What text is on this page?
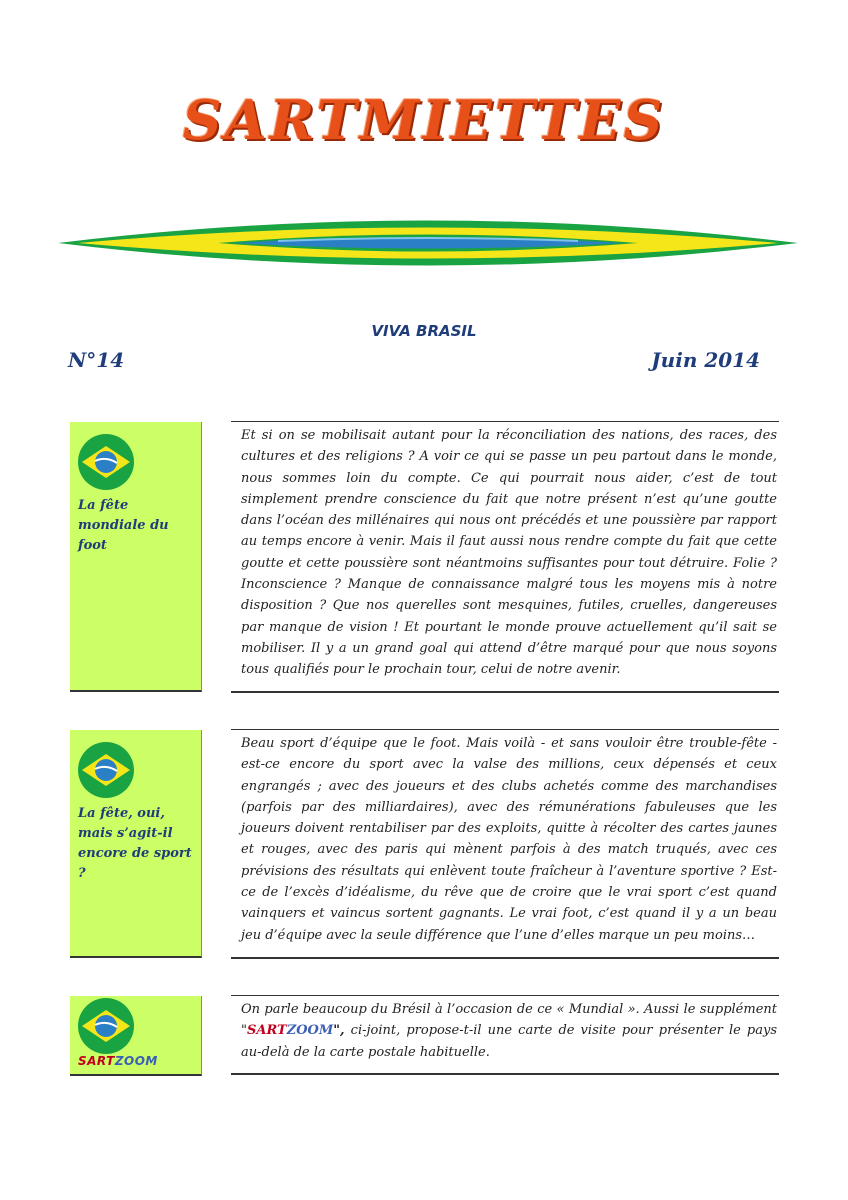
SARTMIETTES
VIVA BRASIL
N°14	Juin 2014
La fête mondiale du foot
Et si on se mobilisait autant pour la réconciliation des nations, des races, des cultures et des religions ? A voir ce qui se passe un peu partout dans le monde, nous sommes loin du compte. Ce qui pourrait nous aider, c’est de tout simplement prendre conscience du fait que notre présent n’est qu’une goutte dans l’océan des millénaires qui nous ont précédés et une poussière par rapport au temps encore à venir. Mais il faut aussi nous rendre compte du fait que cette goutte et cette poussière sont néantmoins suffisantes pour tout détruire. Folie ? Inconscience ? Manque de connaissance malgré tous les moyens mis à notre disposition ? Que nos querelles sont mesquines, futiles, cruelles, dangereuses par manque de vision ! Et pourtant le monde prouve actuellement qu’il sait se mobiliser. Il y a un grand goal qui attend d’être marqué pour que nous soyons tous qualifiés pour le prochain tour, celui de notre avenir.
La fête, oui, mais s’agit-il encore de sport ?
Beau sport d’équipe que le foot. Mais voilà - et sans vouloir être trouble-fête - est-ce encore du sport avec la valse des millions, ceux dépensés et ceux engrangés ; avec des joueurs et des clubs achetés comme des marchandises (parfois par des milliardaires), avec des rémunérations fabuleuses que les joueurs doivent rentabiliser par des exploits, quitte à récolter des cartes jaunes et rouges, avec des paris qui mènent parfois à des match truqués, avec ces prévisions des résultats qui enlèvent toute fraîcheur à l’aventure sportive ? Est-ce de l’excès d’idéalisme, du rêve que de croire que le vrai sport c’est quand vainquers et vaincus sortent gagnants. Le vrai foot, c’est quand il y a un beau jeu d’équipe avec la seule différence que l’une d’elles marque un peu moins…
SARTZOOM
On parle beaucoup du Brésil à l’occasion de ce « Mundial ». Aussi le supplément "SARTZOOM", ci-joint, propose-t-il une carte de visite pour présenter le pays au-delà de la carte postale habituelle.
